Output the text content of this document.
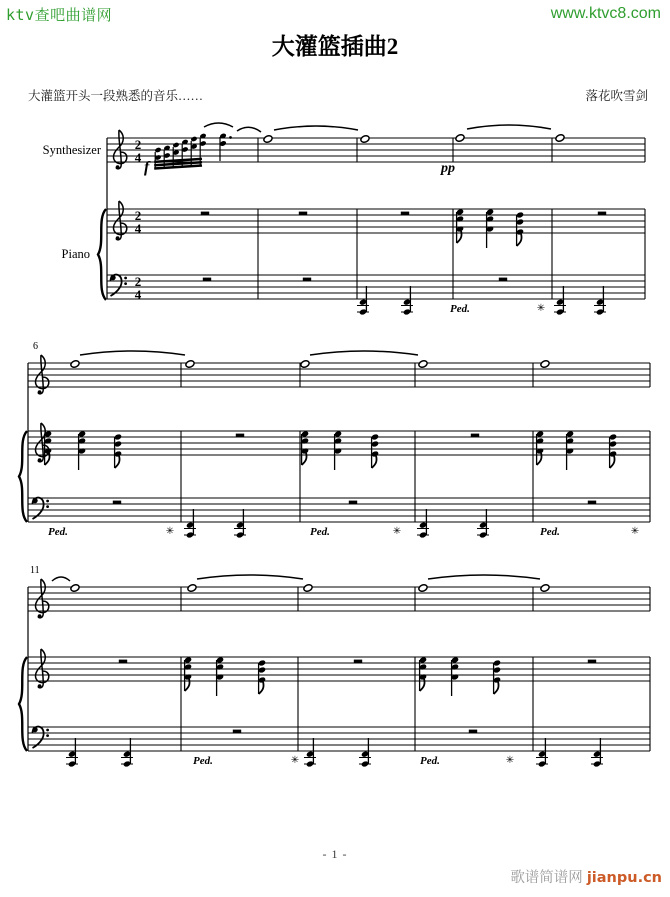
ktv查吧曲谱网	www.ktvc8.com
大灌篮插曲2
大灌篮开头一段熟悉的音乐……	落花吹雪剑
2
4
2
4
2
4
Synthesizer
Piano
f	pp
Ped.	✳
6
Ped.	✳	Ped.	✳	Ped.	✳
11
Ped.	✳	Ped.	✳
- 1 -
歌谱简谱网 jianpu.cn
